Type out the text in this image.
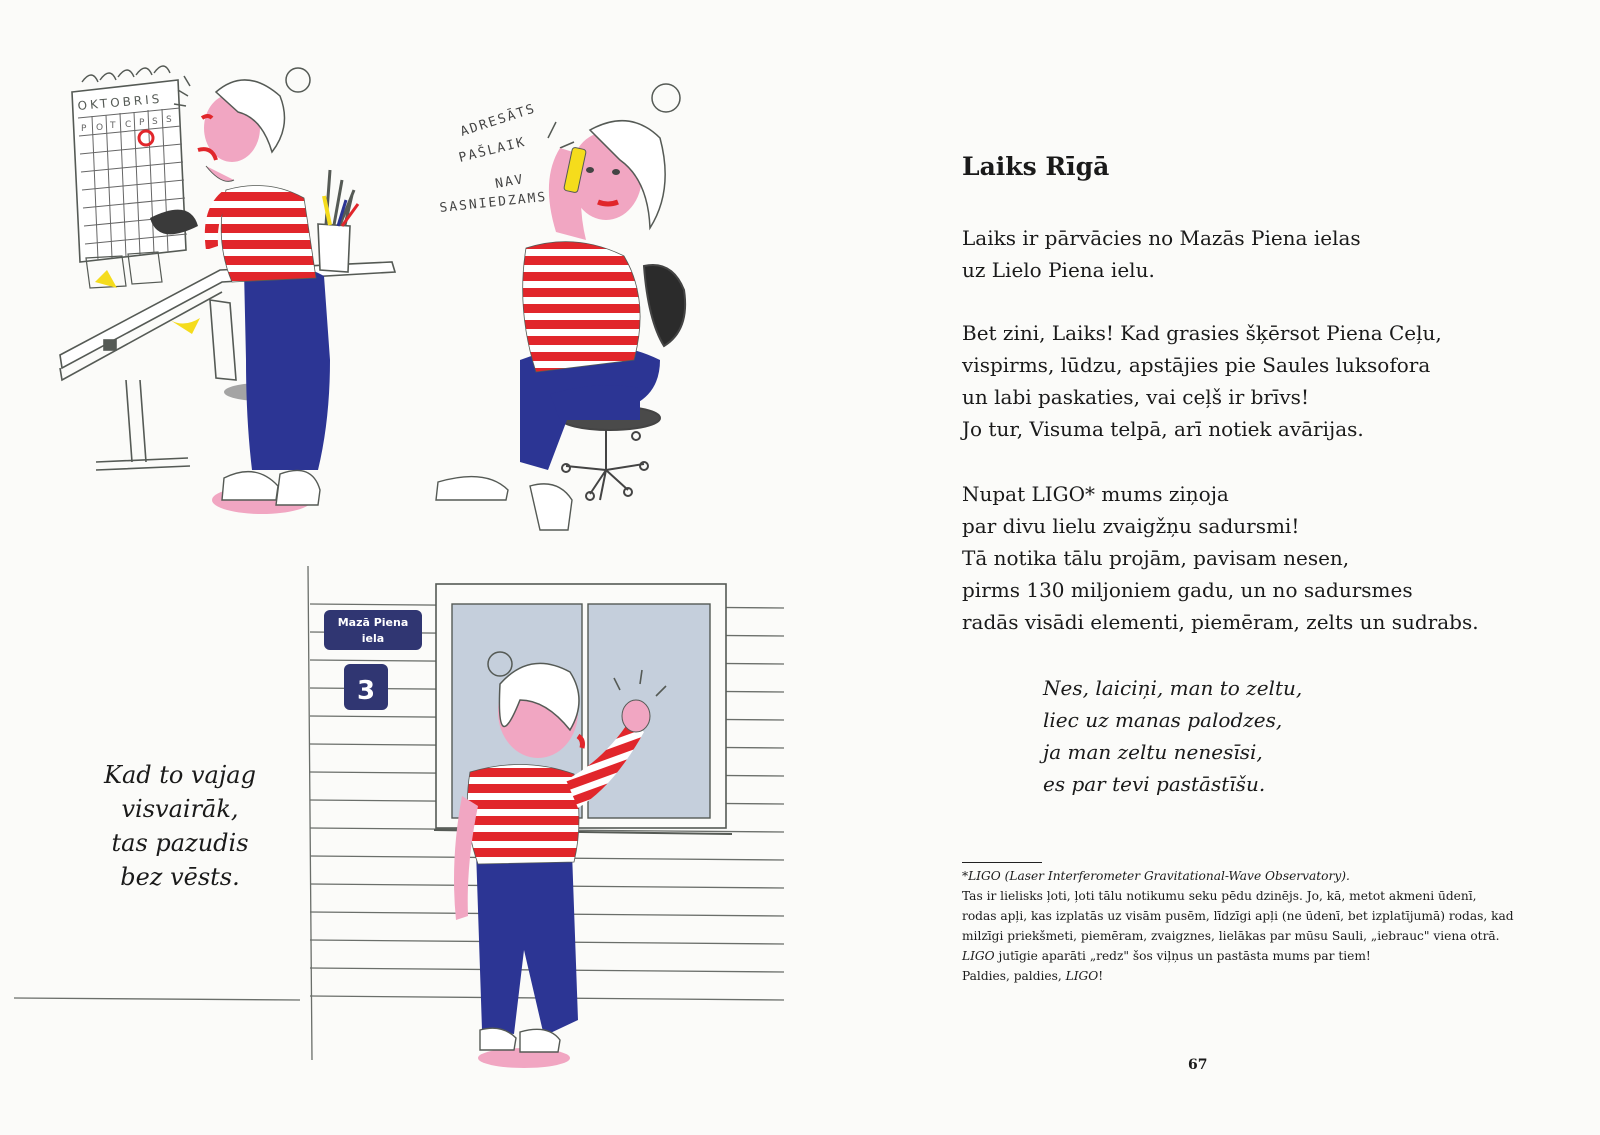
OKTOBRIS
P O T C P S S	ADRESĀTS
PAŠLAIK
NAV
SASNIEDZAMS
Mazā Piena
iela
3
Kad to vajag
visvairāk,
tas pazudis
bez vēsts.
Laiks Rīgā
Laiks ir pārvācies no Mazās Piena ielas
uz Lielo Piena ielu.
Bet zini, Laiks! Kad grasies šķērsot Piena Ceļu,
vispirms, lūdzu, apstājies pie Saules luksofora
un labi paskaties, vai ceļš ir brīvs!
Jo tur, Visuma telpā, arī notiek avārijas.
Nupat LIGO* mums ziņoja
par divu lielu zvaigžņu sadursmi!
Tā notika tālu projām, pavisam nesen,
pirms 130 miljoniem gadu, un no sadursmes
radās visādi elementi, piemēram, zelts un sudrabs.
Nes, laiciņi, man to zeltu,
liec uz manas palodzes,
ja man zeltu nenesīsi,
es par tevi pastāstīšu.
*LIGO (Laser Interferometer Gravitational-Wave Observatory).
Tas ir lielisks ļoti, ļoti tālu notikumu seku pēdu dzinējs. Jo, kā, metot akmeni ūdenī,
rodas apļi, kas izplatās uz visām pusēm, līdzīgi apļi (ne ūdenī, bet izplatījumā) rodas, kad
milzīgi priekšmeti, piemēram, zvaigznes, lielākas par mūsu Sauli, „iebrauc" viena otrā.
LIGO jutīgie aparāti „redz" šos viļņus un pastāsta mums par tiem!
Paldies, paldies, LIGO!
67
